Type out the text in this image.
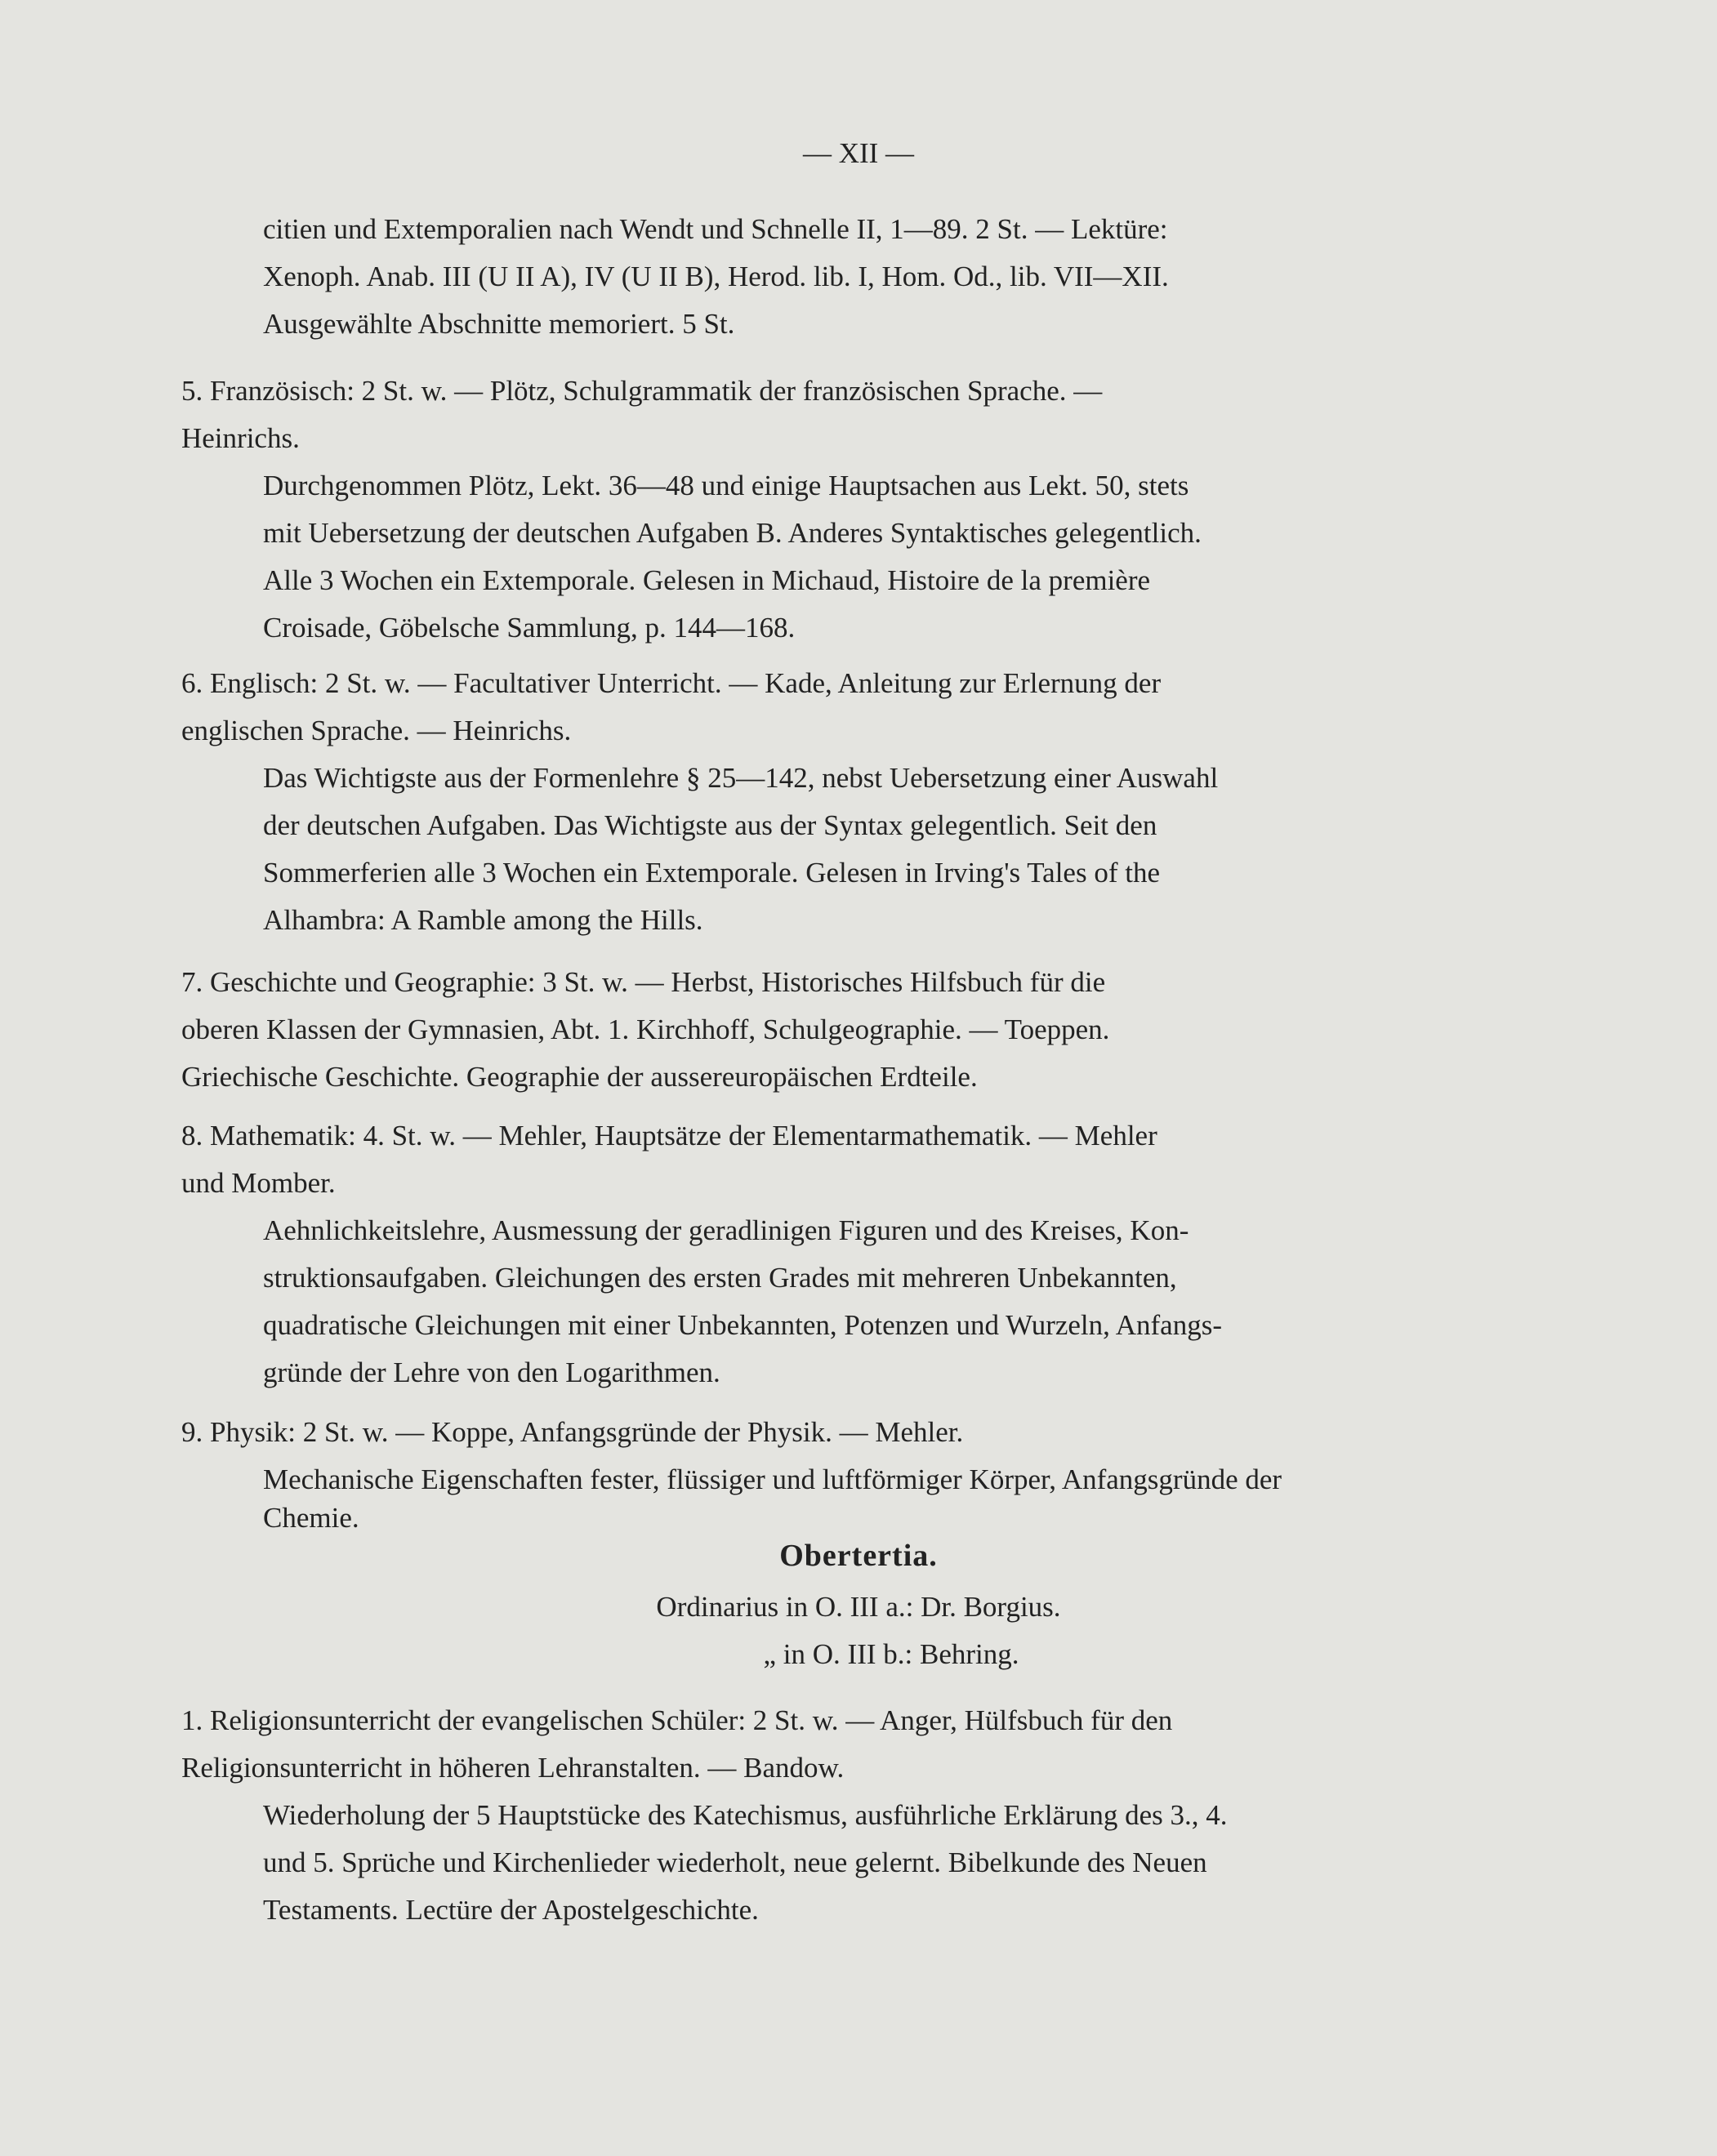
— XII —
citien und Extemporalien nach Wendt und Schnelle II, 1—89. 2 St. — Lektüre:
Xenoph. Anab. III (U II A), IV (U II B), Herod. lib. I, Hom. Od., lib. VII—XII.
Ausgewählte Abschnitte memoriert. 5 St.
5. Französisch: 2 St. w. — Plötz, Schulgrammatik der französischen Sprache. —
Heinrichs.
Durchgenommen Plötz, Lekt. 36—48 und einige Hauptsachen aus Lekt. 50, stets
mit Uebersetzung der deutschen Aufgaben B. Anderes Syntaktisches gelegentlich.
Alle 3 Wochen ein Extemporale. Gelesen in Michaud, Histoire de la première
Croisade, Göbelsche Sammlung, p. 144—168.
6. Englisch: 2 St. w. — Facultativer Unterricht. — Kade, Anleitung zur Erlernung der
englischen Sprache. — Heinrichs.
Das Wichtigste aus der Formenlehre § 25—142, nebst Uebersetzung einer Auswahl
der deutschen Aufgaben. Das Wichtigste aus der Syntax gelegentlich. Seit den
Sommerferien alle 3 Wochen ein Extemporale. Gelesen in Irving's Tales of the
Alhambra: A Ramble among the Hills.
7. Geschichte und Geographie: 3 St. w. — Herbst, Historisches Hilfsbuch für die
oberen Klassen der Gymnasien, Abt. 1. Kirchhoff, Schulgeographie. — Toeppen.
Griechische Geschichte. Geographie der aussereuropäischen Erdteile.
8. Mathematik: 4. St. w. — Mehler, Hauptsätze der Elementarmathematik. — Mehler
und Momber.
Aehnlichkeitslehre, Ausmessung der geradlinigen Figuren und des Kreises, Kon-
struktionsaufgaben. Gleichungen des ersten Grades mit mehreren Unbekannten,
quadratische Gleichungen mit einer Unbekannten, Potenzen und Wurzeln, Anfangs-
gründe der Lehre von den Logarithmen.
9. Physik: 2 St. w. — Koppe, Anfangsgründe der Physik. — Mehler.
Mechanische Eigenschaften fester, flüssiger und luftförmiger Körper, Anfangsgründe der
Chemie.
Obertertia.
Ordinarius in O. III a.: Dr. Borgius.
„ in O. III b.: Behring.
1. Religionsunterricht der evangelischen Schüler: 2 St. w. — Anger, Hülfsbuch für den
Religionsunterricht in höheren Lehranstalten. — Bandow.
Wiederholung der 5 Hauptstücke des Katechismus, ausführliche Erklärung des 3., 4.
und 5. Sprüche und Kirchenlieder wiederholt, neue gelernt. Bibelkunde des Neuen
Testaments. Lectüre der Apostelgeschichte.
